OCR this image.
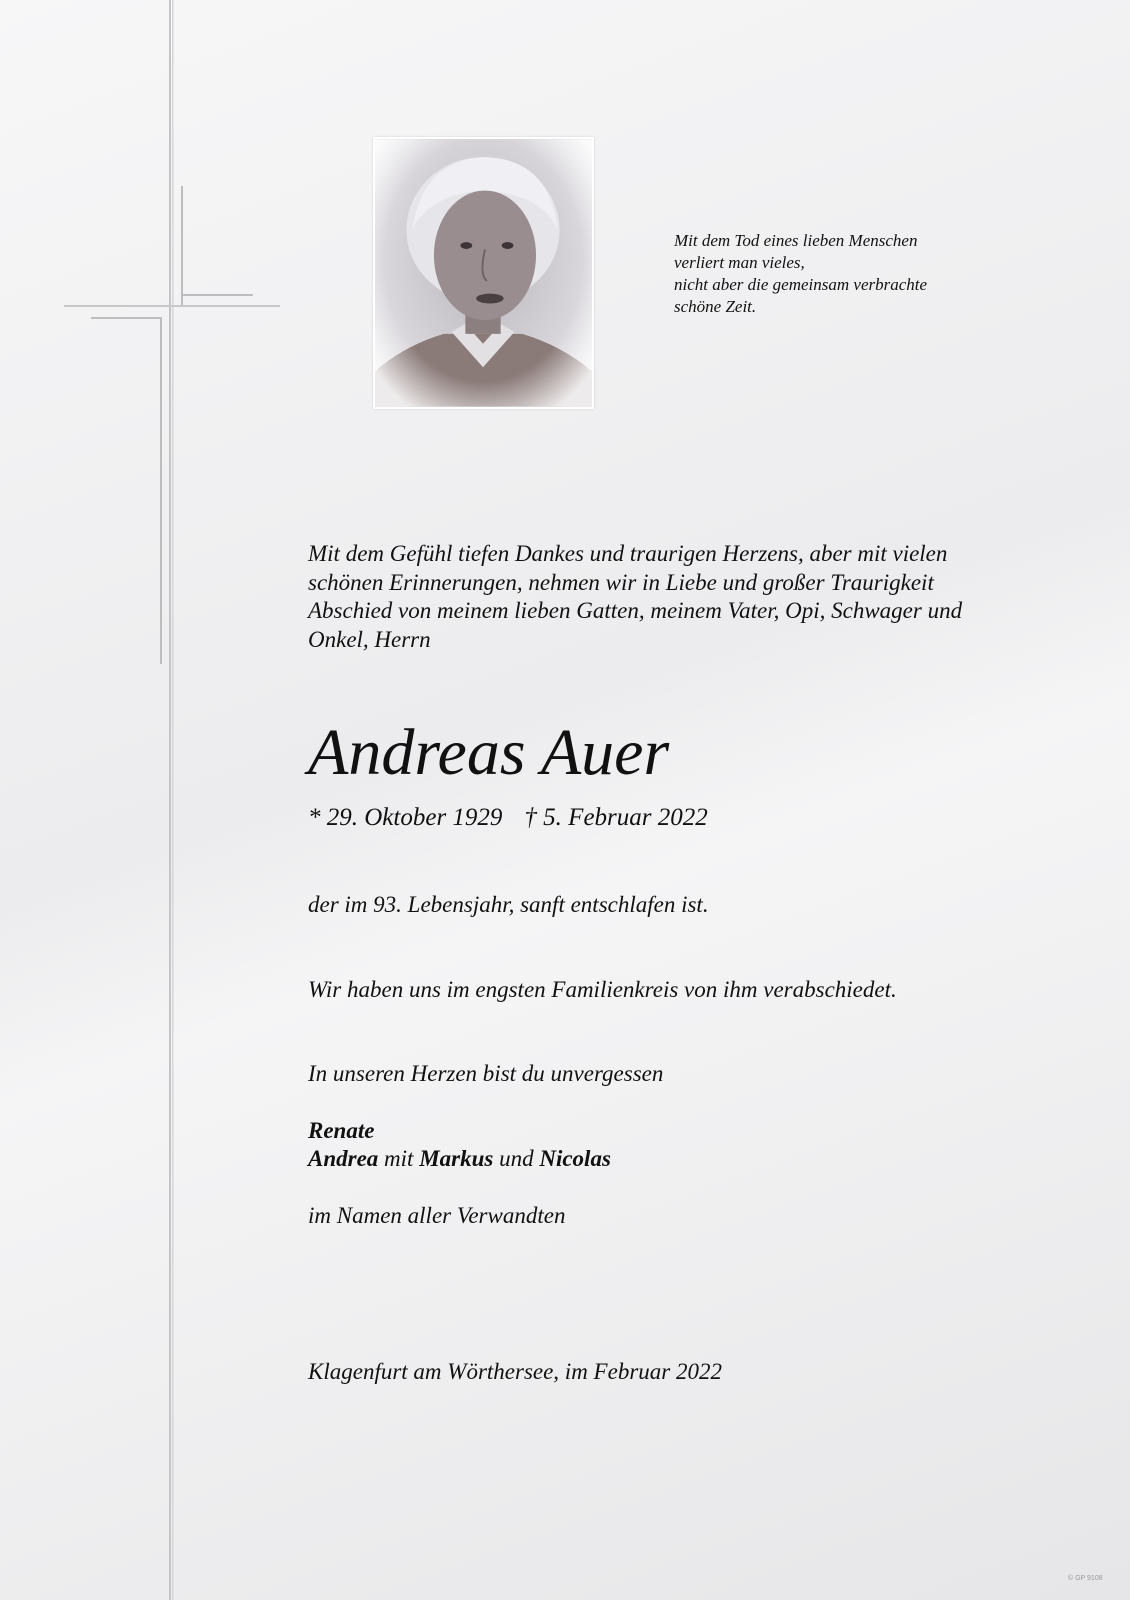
Mit dem Tod eines lieben Menschen
verliert man vieles,
nicht aber die gemeinsam verbrachte
schöne Zeit.
Mit dem Gefühl tiefen Dankes und traurigen Herzens, aber mit vielen
schönen Erinnerungen, nehmen wir in Liebe und großer Traurigkeit
Abschied von meinem lieben Gatten, meinem Vater, Opi, Schwager und
Onkel, Herrn
Andreas Auer
* 29. Oktober 1929 † 5. Februar 2022
der im 93. Lebensjahr, sanft entschlafen ist.
Wir haben uns im engsten Familienkreis von ihm verabschiedet.
In unseren Herzen bist du unvergessen
Renate
Andrea mit Markus und Nicolas
im Namen aller Verwandten
Klagenfurt am Wörthersee, im Februar 2022
© GP 9108
